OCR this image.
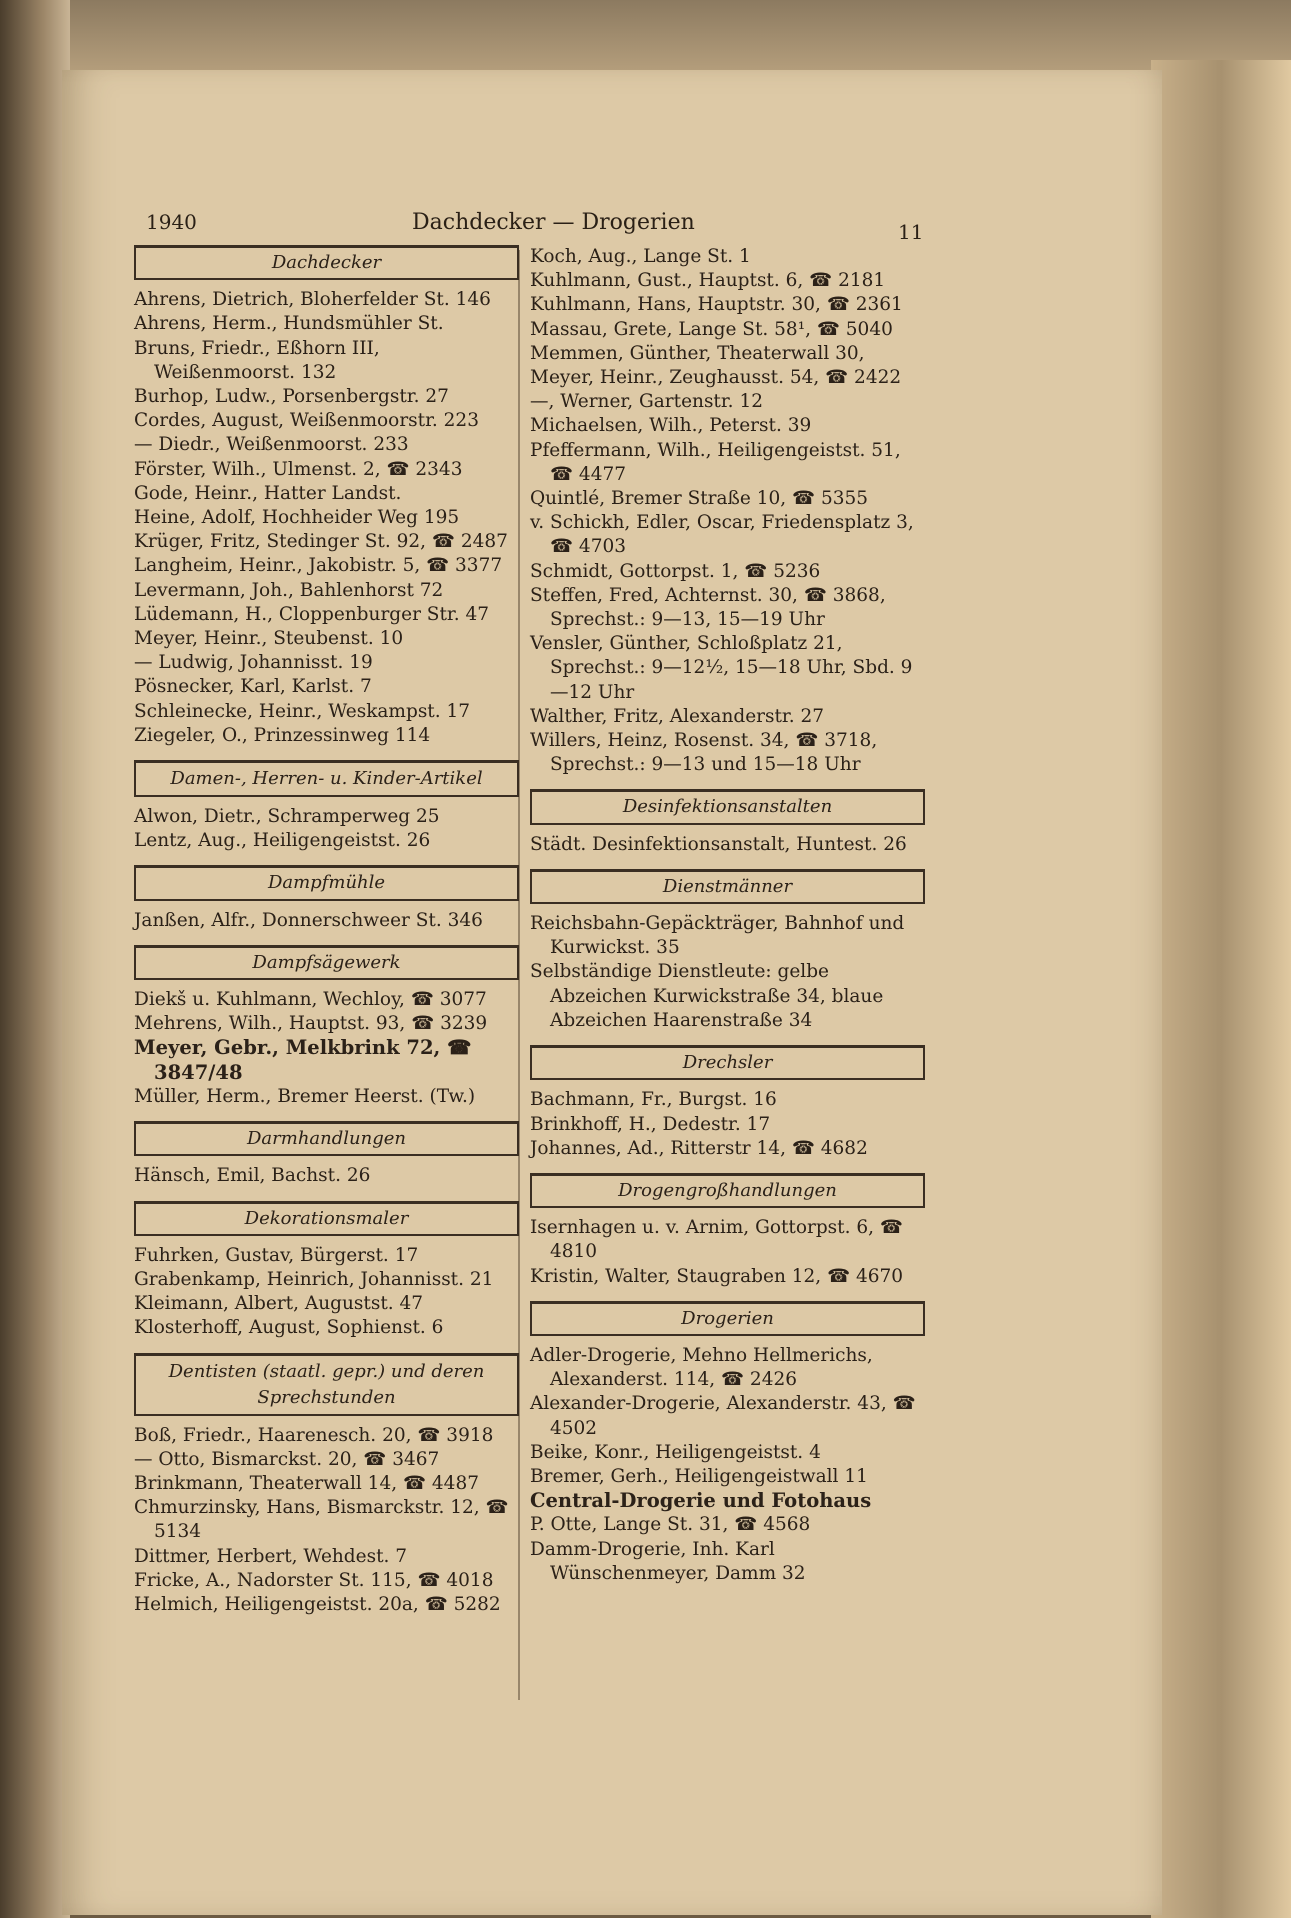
1940	Dachdecker — Drogerien	11
Dachdecker
Ahrens, Dietrich, Bloherfelder St. 146
Ahrens, Herm., Hundsmühler St.
Bruns, Friedr., Eßhorn III, Weißenmoorst. 132
Burhop, Ludw., Porsenbergstr. 27
Cordes, August, Weißenmoorstr. 223
— Diedr., Weißenmoorst. 233
Förster, Wilh., Ulmenst. 2, ☎ 2343
Gode, Heinr., Hatter Landst.
Heine, Adolf, Hochheider Weg 195
Krüger, Fritz, Stedinger St. 92, ☎ 2487
Langheim, Heinr., Jakobistr. 5, ☎ 3377
Levermann, Joh., Bahlenhorst 72
Lüdemann, H., Cloppenburger Str. 47
Meyer, Heinr., Steubenst. 10
— Ludwig, Johannisst. 19
Pösnecker, Karl, Karlst. 7
Schleinecke, Heinr., Weskampst. 17
Ziegeler, O., Prinzessinweg 114
Damen-, Herren- u. Kinder-Artikel
Alwon, Dietr., Schramperweg 25
Lentz, Aug., Heiligengeistst. 26
Dampfmühle
Janßen, Alfr., Donnerschweer St. 346
Dampfsägewerk
Diekš u. Kuhlmann, Wechloy, ☎ 3077
Mehrens, Wilh., Hauptst. 93, ☎ 3239
Meyer, Gebr., Melkbrink 72, ☎ 3847/48
Müller, Herm., Bremer Heerst. (Tw.)
Darmhandlungen
Hänsch, Emil, Bachst. 26
Dekorationsmaler
Fuhrken, Gustav, Bürgerst. 17
Grabenkamp, Heinrich, Johannisst. 21
Kleimann, Albert, Augustst. 47
Klosterhoff, August, Sophienst. 6
Dentisten (staatl. gepr.) und deren Sprechstunden
Boß, Friedr., Haarenesch. 20, ☎ 3918
— Otto, Bismarckst. 20, ☎ 3467
Brinkmann, Theaterwall 14, ☎ 4487
Chmurzinsky, Hans, Bismarckstr. 12, ☎ 5134
Dittmer, Herbert, Wehdest. 7
Fricke, A., Nadorster St. 115, ☎ 4018
Helmich, Heiligengeistst. 20a, ☎ 5282
Koch, Aug., Lange St. 1
Kuhlmann, Gust., Hauptst. 6, ☎ 2181
Kuhlmann, Hans, Hauptstr. 30, ☎ 2361
Massau, Grete, Lange St. 58¹, ☎ 5040
Memmen, Günther, Theaterwall 30,
Meyer, Heinr., Zeughausst. 54, ☎ 2422
—, Werner, Gartenstr. 12
Michaelsen, Wilh., Peterst. 39
Pfeffermann, Wilh., Heiligengeistst. 51, ☎ 4477
Quintlé, Bremer Straße 10, ☎ 5355
v. Schickh, Edler, Oscar, Friedensplatz 3, ☎ 4703
Schmidt, Gottorpst. 1, ☎ 5236
Steffen, Fred, Achternst. 30, ☎ 3868, Sprechst.: 9—13, 15—19 Uhr
Vensler, Günther, Schloßplatz 21, Sprechst.: 9—12½, 15—18 Uhr, Sbd. 9—12 Uhr
Walther, Fritz, Alexanderstr. 27
Willers, Heinz, Rosenst. 34, ☎ 3718, Sprechst.: 9—13 und 15—18 Uhr
Desinfektionsanstalten
Städt. Desinfektionsanstalt, Huntest. 26
Dienstmänner
Reichsbahn-Gepäckträger, Bahnhof und Kurwickst. 35
Selbständige Dienstleute: gelbe Abzeichen Kurwickstraße 34, blaue Abzeichen Haarenstraße 34
Drechsler
Bachmann, Fr., Burgst. 16
Brinkhoff, H., Dedestr. 17
Johannes, Ad., Ritterstr 14, ☎ 4682
Drogengroßhandlungen
Isernhagen u. v. Arnim, Gottorpst. 6, ☎ 4810
Kristin, Walter, Staugraben 12, ☎ 4670
Drogerien
Adler-Drogerie, Mehno Hellmerichs, Alexanderst. 114, ☎ 2426
Alexander-Drogerie, Alexanderstr. 43, ☎ 4502
Beike, Konr., Heiligengeistst. 4
Bremer, Gerh., Heiligengeistwall 11
Central-Drogerie und Fotohaus
P. Otte, Lange St. 31, ☎ 4568
Damm-Drogerie, Inh. Karl Wünschenmeyer, Damm 32
